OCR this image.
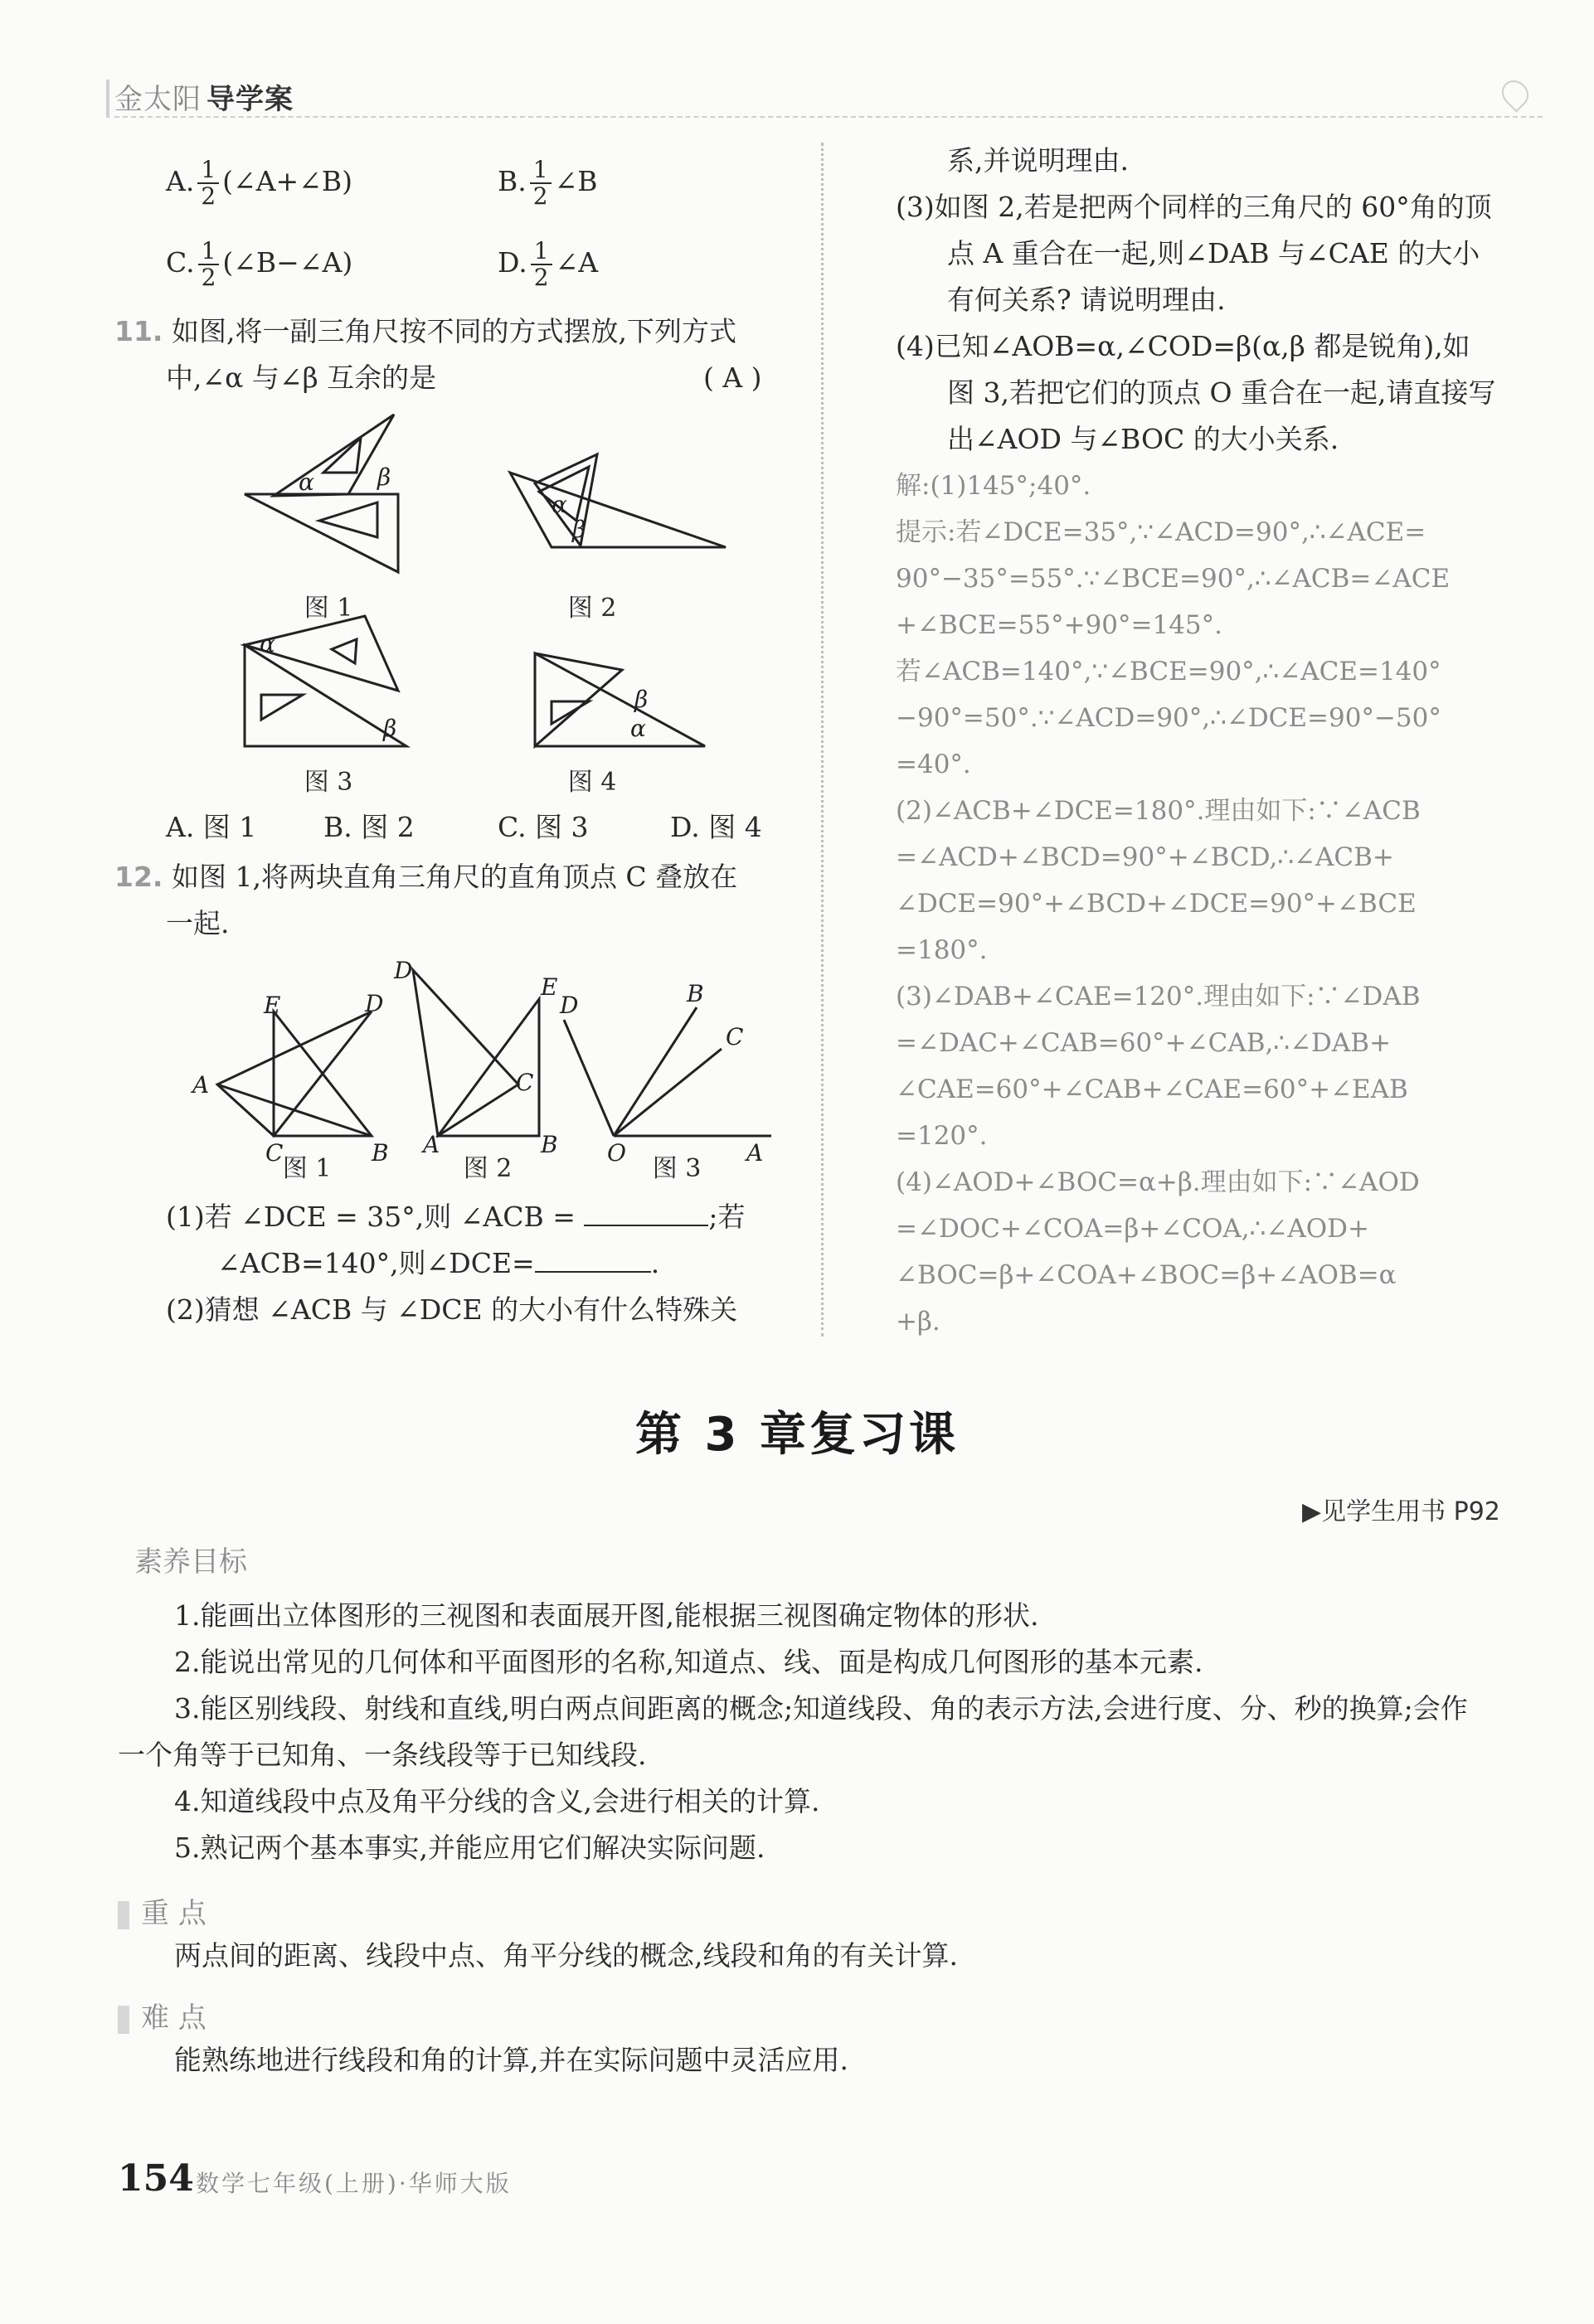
金太阳 导学案
A. $\frac{1}{2}$ (∠A+∠B)	B. $\frac{1}{2}$ ∠B
C. $\frac{1}{2}$ (∠B−∠A)	D. $\frac{1}{2}$ ∠A
11. 如图,将一副三角尺按不同的方式摆放,下列方式
中,∠α 与∠β 互余的是	( A )
α	β
α
β
α
β
β
α
图 1	图 2
图 3	图 4
A. 图 1 B. 图 2	C. 图 3	D. 图 4
12. 如图 1,将两块直角三角尺的直角顶点 C 叠放在
一起.
A
E	D
C	B
D
E
C
A	B
D	B
C
O	A
图 1	图 2	图 3
(1)若 ∠DCE = 35°,则 ∠ACB =	;若
∠ACB=140°,则∠DCE=	.
(2)猜想 ∠ACB 与 ∠DCE 的大小有什么特殊关
系,并说明理由.
(3)如图 2,若是把两个同样的三角尺的 60°角的顶
点 A 重合在一起,则∠DAB 与∠CAE 的大小
有何关系? 请说明理由.
(4)已知∠AOB=α,∠COD=β(α,β 都是锐角),如
图 3,若把它们的顶点 O 重合在一起,请直接写
出∠AOD 与∠BOC 的大小关系.
解:(1)145°;40°.
提示:若∠DCE=35°,∵∠ACD=90°,∴∠ACE=
90°−35°=55°.∵∠BCE=90°,∴∠ACB=∠ACE
+∠BCE=55°+90°=145°.
若∠ACB=140°,∵∠BCE=90°,∴∠ACE=140°
−90°=50°.∵∠ACD=90°,∴∠DCE=90°−50°
=40°.
(2)∠ACB+∠DCE=180°.理由如下:∵∠ACB
=∠ACD+∠BCD=90°+∠BCD,∴∠ACB+
∠DCE=90°+∠BCD+∠DCE=90°+∠BCE
=180°.
(3)∠DAB+∠CAE=120°.理由如下:∵∠DAB
=∠DAC+∠CAB=60°+∠CAB,∴∠DAB+
∠CAE=60°+∠CAB+∠CAE=60°+∠EAB
=120°.
(4)∠AOD+∠BOC=α+β.理由如下:∵∠AOD
=∠DOC+∠COA=β+∠COA,∴∠AOD+
∠BOC=β+∠COA+∠BOC=β+∠AOB=α
+β.
第 3 章复习课
▶见学生用书 P92
素养目标
1.能画出立体图形的三视图和表面展开图,能根据三视图确定物体的形状.
2.能说出常见的几何体和平面图形的名称,知道点、线、面是构成几何图形的基本元素.
3.能区别线段、射线和直线,明白两点间距离的概念;知道线段、角的表示方法,会进行度、分、秒的换算;会作
一个角等于已知角、一条线段等于已知线段.
4.知道线段中点及角平分线的含义,会进行相关的计算.
5.熟记两个基本事实,并能应用它们解决实际问题.
重 点
两点间的距离、线段中点、角平分线的概念,线段和角的有关计算.
难 点
能熟练地进行线段和角的计算,并在实际问题中灵活应用.
154 数学七年级(上册)·华师大版
